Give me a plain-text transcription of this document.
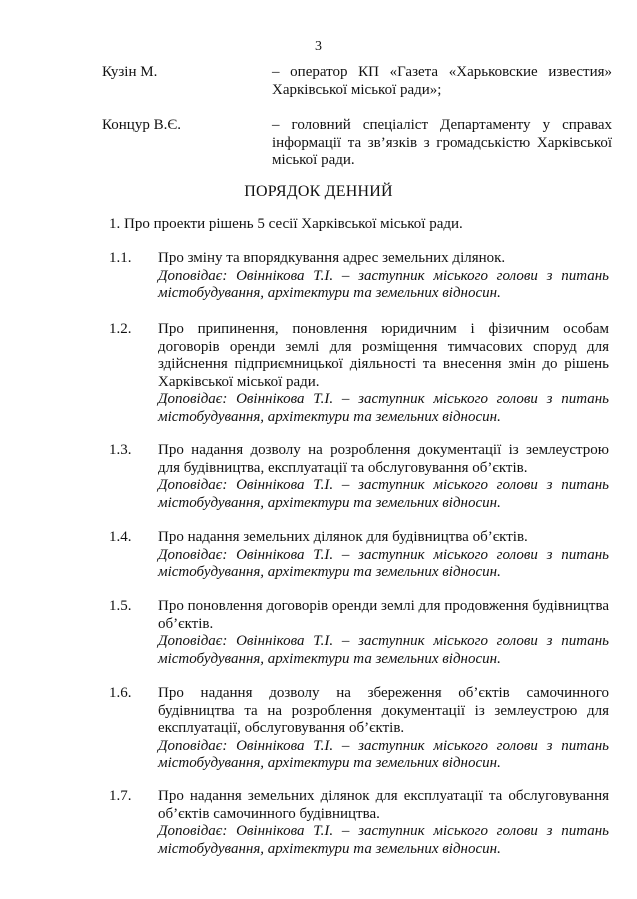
3
Кузін М.	– оператор КП «Газета «Харьковские известия» Харківської міської ради»;
Концур В.Є.	– головний спеціаліст Департаменту у справах інформації та зв’язків з громадськістю Харківської міської ради.
ПОРЯДОК ДЕННИЙ
1. Про проекти рішень 5 сесії Харківської міської ради.
1.1.	Про зміну та впорядкування адрес земельних ділянок.
Доповідає: Овіннікова Т.І. – заступник міського голови з питань містобудування, архітектури та земельних відносин.
1.2.	Про припинення, поновлення юридичним і фізичним особам договорів оренди землі для розміщення тимчасових споруд для здійснення підприємницької діяльності та внесення змін до рішень Харківської міської ради.
Доповідає: Овіннікова Т.І. – заступник міського голови з питань містобудування, архітектури та земельних відносин.
1.3.	Про надання дозволу на розроблення документації із землеустрою для будівництва, експлуатації та обслуговування об’єктів.
Доповідає: Овіннікова Т.І. – заступник міського голови з питань містобудування, архітектури та земельних відносин.
1.4.	Про надання земельних ділянок для будівництва об’єктів.
Доповідає: Овіннікова Т.І. – заступник міського голови з питань містобудування, архітектури та земельних відносин.
1.5.	Про поновлення договорів оренди землі для продовження будівництва об’єктів.
Доповідає: Овіннікова Т.І. – заступник міського голови з питань містобудування, архітектури та земельних відносин.
1.6.	Про надання дозволу на збереження об’єктів самочинного будівництва та на розроблення документації із землеустрою для експлуатації, обслуговування об’єктів.
Доповідає: Овіннікова Т.І. – заступник міського голови з питань містобудування, архітектури та земельних відносин.
1.7.	Про надання земельних ділянок для експлуатації та обслуговування об’єктів самочинного будівництва.
Доповідає: Овіннікова Т.І. – заступник міського голови з питань містобудування, архітектури та земельних відносин.
